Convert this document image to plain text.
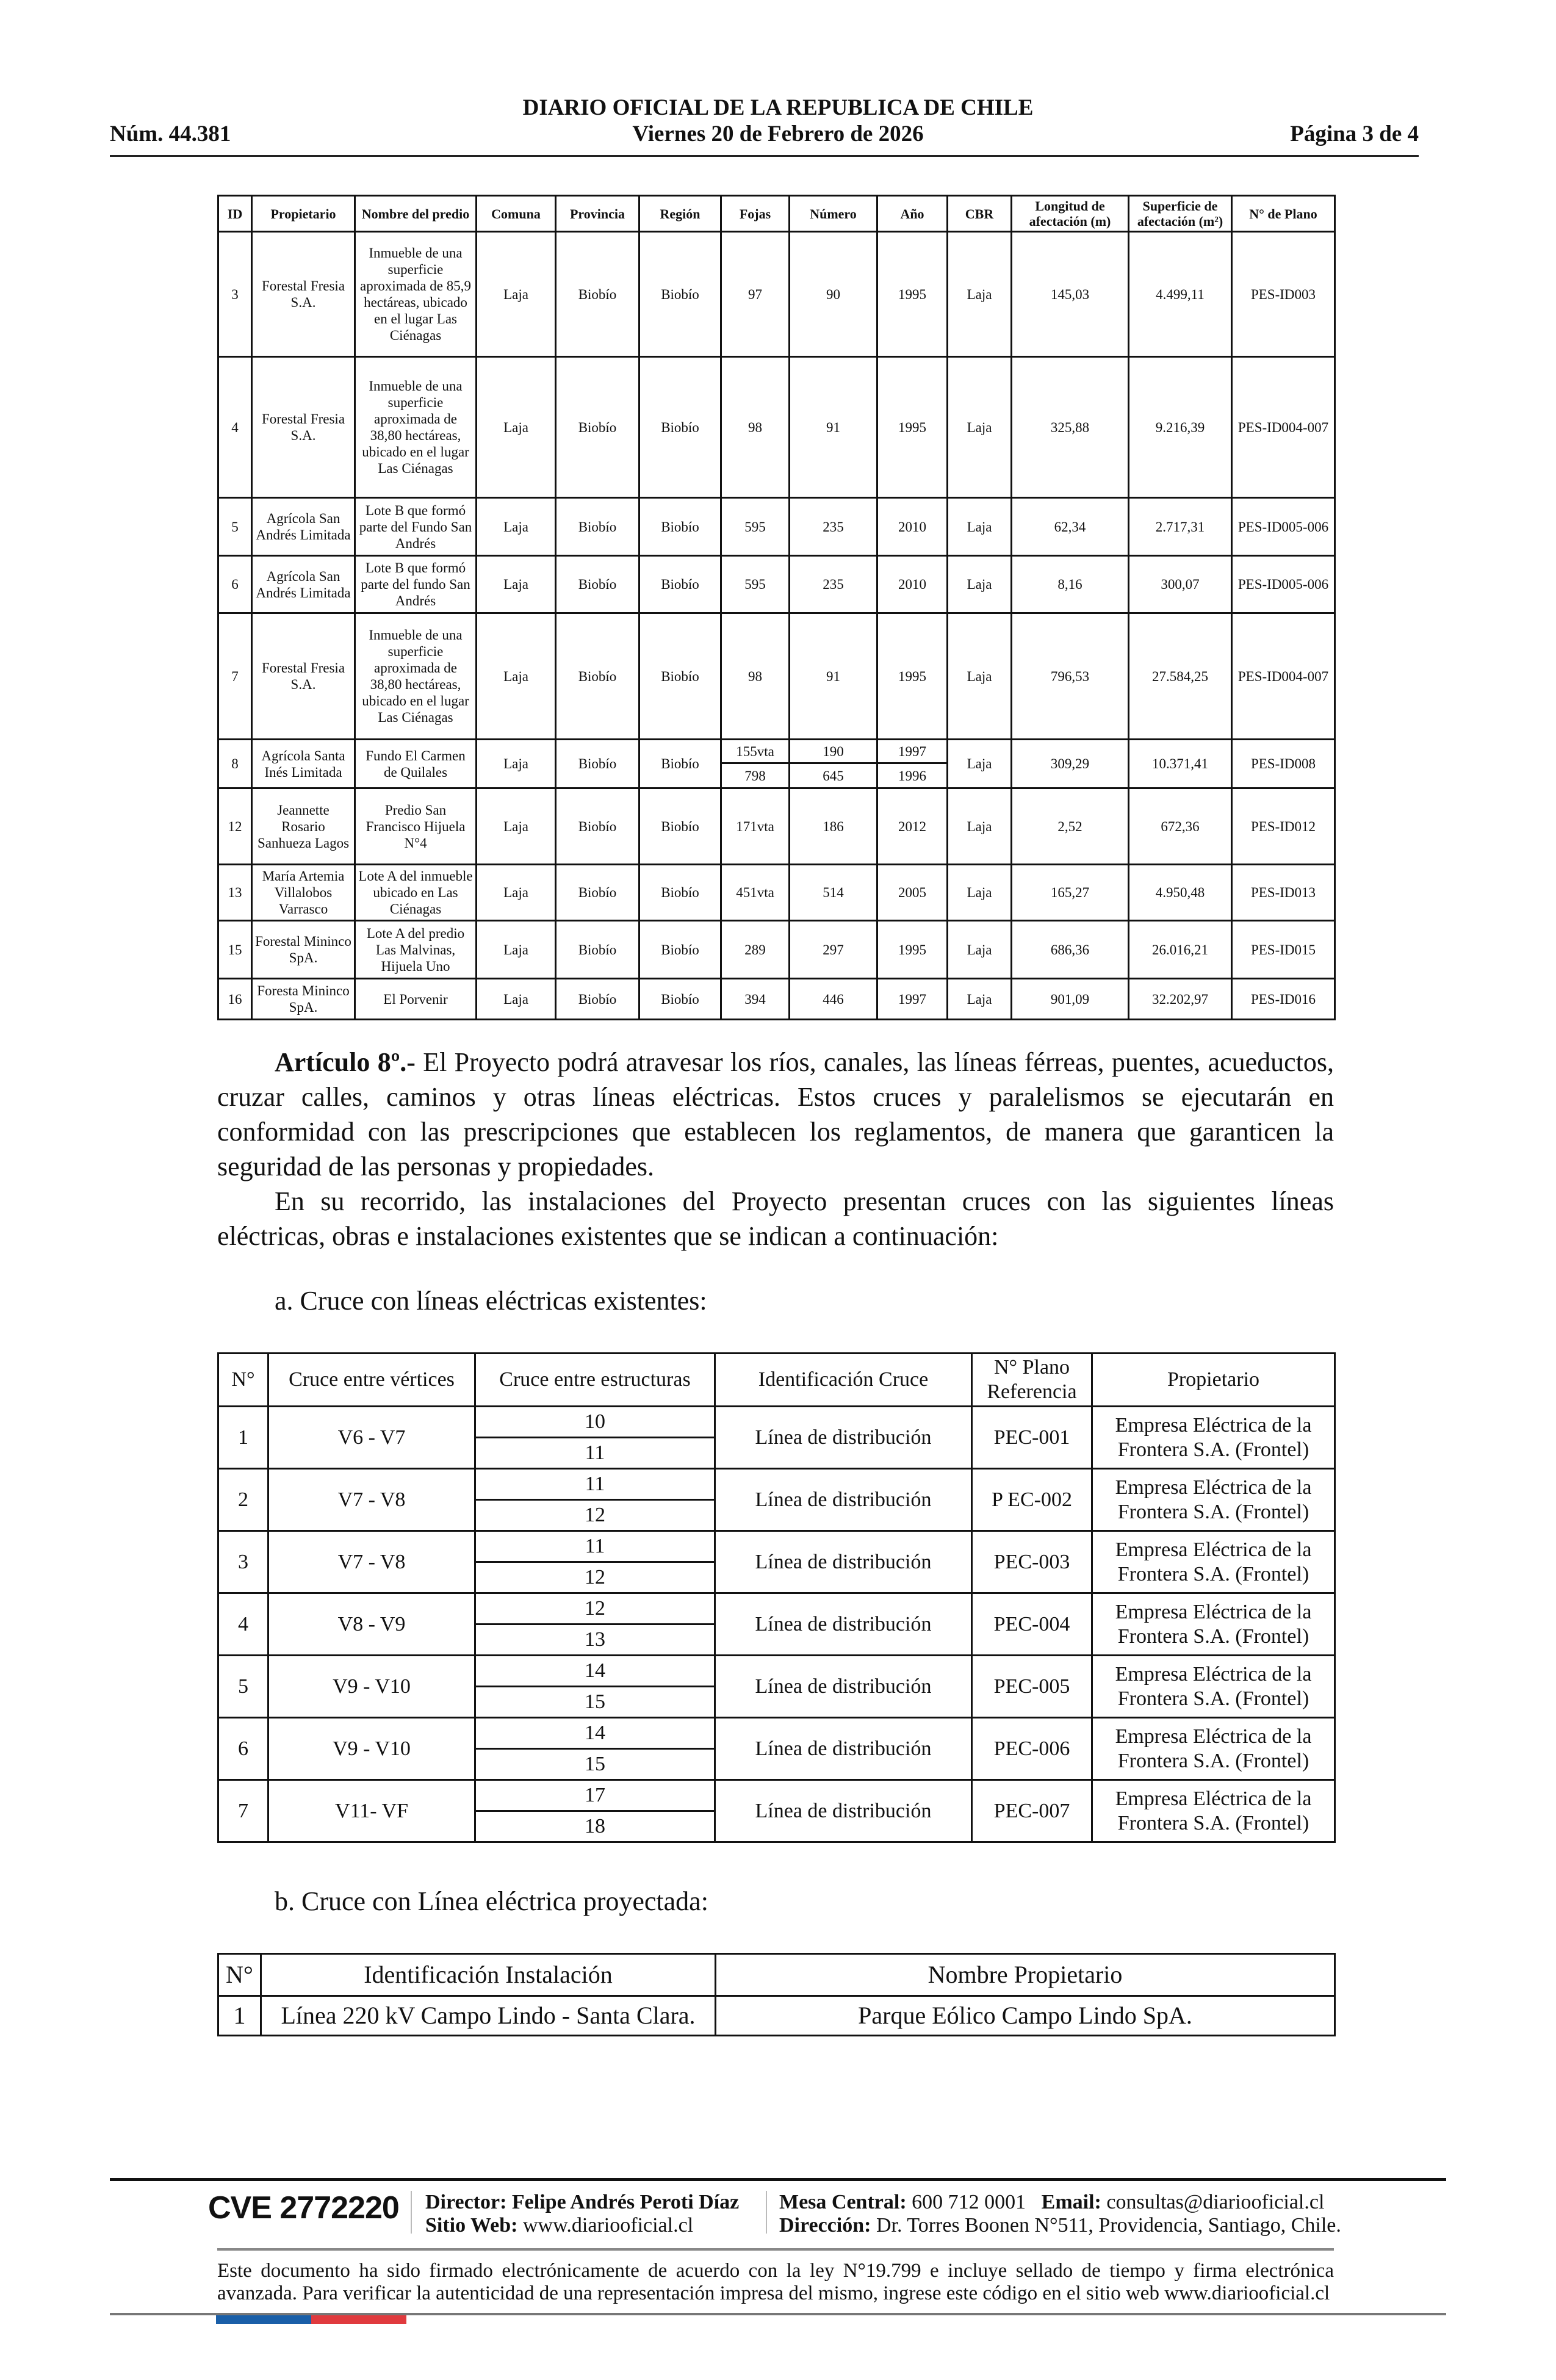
DIARIO OFICIAL DE LA REPUBLICA DE CHILE
Viernes 20 de Febrero de 2026
Núm. 44.381	Página 3 de 4
ID	Propietario	Nombre del predio	Comuna	Provincia	Región	Fojas	Número	Año	CBR	Longitud de afectación (m)	Superficie de afectación (m²)	N° de Plano
3	Forestal Fresia S.A.	Inmueble de una superficie aproximada de 85,9 hectáreas, ubicado en el lugar Las Ciénagas	Laja	Biobío	Biobío	97	90	1995	Laja	145,03	4.499,11	PES-ID003
4	Forestal Fresia S.A.	Inmueble de una superficie aproximada de 38,80 hectáreas, ubicado en el lugar Las Ciénagas	Laja	Biobío	Biobío	98	91	1995	Laja	325,88	9.216,39	PES-ID004-007
5	Agrícola San Andrés Limitada	Lote B que formó parte del Fundo San Andrés	Laja	Biobío	Biobío	595	235	2010	Laja	62,34	2.717,31	PES-ID005-006
6	Agrícola San Andrés Limitada	Lote B que formó parte del fundo San Andrés	Laja	Biobío	Biobío	595	235	2010	Laja	8,16	300,07	PES-ID005-006
7	Forestal Fresia S.A.	Inmueble de una superficie aproximada de 38,80 hectáreas, ubicado en el lugar Las Ciénagas	Laja	Biobío	Biobío	98	91	1995	Laja	796,53	27.584,25	PES-ID004-007
8	Agrícola Santa Inés Limitada	Fundo El Carmen de Quilales	Laja	Biobío	Biobío	155vta	190	1997	Laja	309,29	10.371,41	PES-ID008
						798	645	1996				
12	Jeannette Rosario Sanhueza Lagos	Predio San Francisco Hijuela N°4	Laja	Biobío	Biobío	171vta	186	2012	Laja	2,52	672,36	PES-ID012
13	María Artemia Villalobos Varrasco	Lote A del inmueble ubicado en Las Ciénagas	Laja	Biobío	Biobío	451vta	514	2005	Laja	165,27	4.950,48	PES-ID013
15	Forestal Mininco SpA.	Lote A del predio Las Malvinas, Hijuela Uno	Laja	Biobío	Biobío	289	297	1995	Laja	686,36	26.016,21	PES-ID015
16	Foresta Mininco SpA.	El Porvenir	Laja	Biobío	Biobío	394	446	1997	Laja	901,09	32.202,97	PES-ID016

Artículo 8º.- El Proyecto podrá atravesar los ríos, canales, las líneas férreas, puentes, acueductos, cruzar calles, caminos y otras líneas eléctricas. Estos cruces y paralelismos se ejecutarán en conformidad con las prescripciones que establecen los reglamentos, de manera que garanticen la seguridad de las personas y propiedades.

En su recorrido, las instalaciones del Proyecto presentan cruces con las siguientes líneas eléctricas, obras e instalaciones existentes que se indican a continuación:

a. Cruce con líneas eléctricas existentes:
N°	Cruce entre vértices	Cruce entre estructuras	Identificación Cruce	N° Plano Referencia	Propietario
1	V6 - V7	10	Línea de distribución	PEC-001	Empresa Eléctrica de la Frontera S.A. (Frontel)
		11			
2	V7 - V8	11	Línea de distribución	P EC-002	Empresa Eléctrica de la Frontera S.A. (Frontel)
		12			
3	V7 - V8	11	Línea de distribución	PEC-003	Empresa Eléctrica de la Frontera S.A. (Frontel)
		12			
4	V8 - V9	12	Línea de distribución	PEC-004	Empresa Eléctrica de la Frontera S.A. (Frontel)
		13			
5	V9 - V10	14	Línea de distribución	PEC-005	Empresa Eléctrica de la Frontera S.A. (Frontel)
		15			
6	V9 - V10	14	Línea de distribución	PEC-006	Empresa Eléctrica de la Frontera S.A. (Frontel)
		15			
7	V11- VF	17	Línea de distribución	PEC-007	Empresa Eléctrica de la Frontera S.A. (Frontel)
		18			
b. Cruce con Línea eléctrica proyectada:
N°	Identificación Instalación	Nombre Propietario
1	Línea 220 kV Campo Lindo - Santa Clara.	Parque Eólico Campo Lindo SpA.
CVE 2772220 Director: Felipe Andrés Peroti Díaz
Sitio Web: www.diariooficial.cl
Mesa Central: 600 712 0001 Email: consultas@diariooficial.cl
Dirección: Dr. Torres Boonen N°511, Providencia, Santiago, Chile.
Este documento ha sido firmado electrónicamente de acuerdo con la ley N°19.799 e incluye sellado de tiempo y firma electrónica avanzada. Para verificar la autenticidad de una representación impresa del mismo, ingrese este código en el sitio web www.diariooficial.cl
